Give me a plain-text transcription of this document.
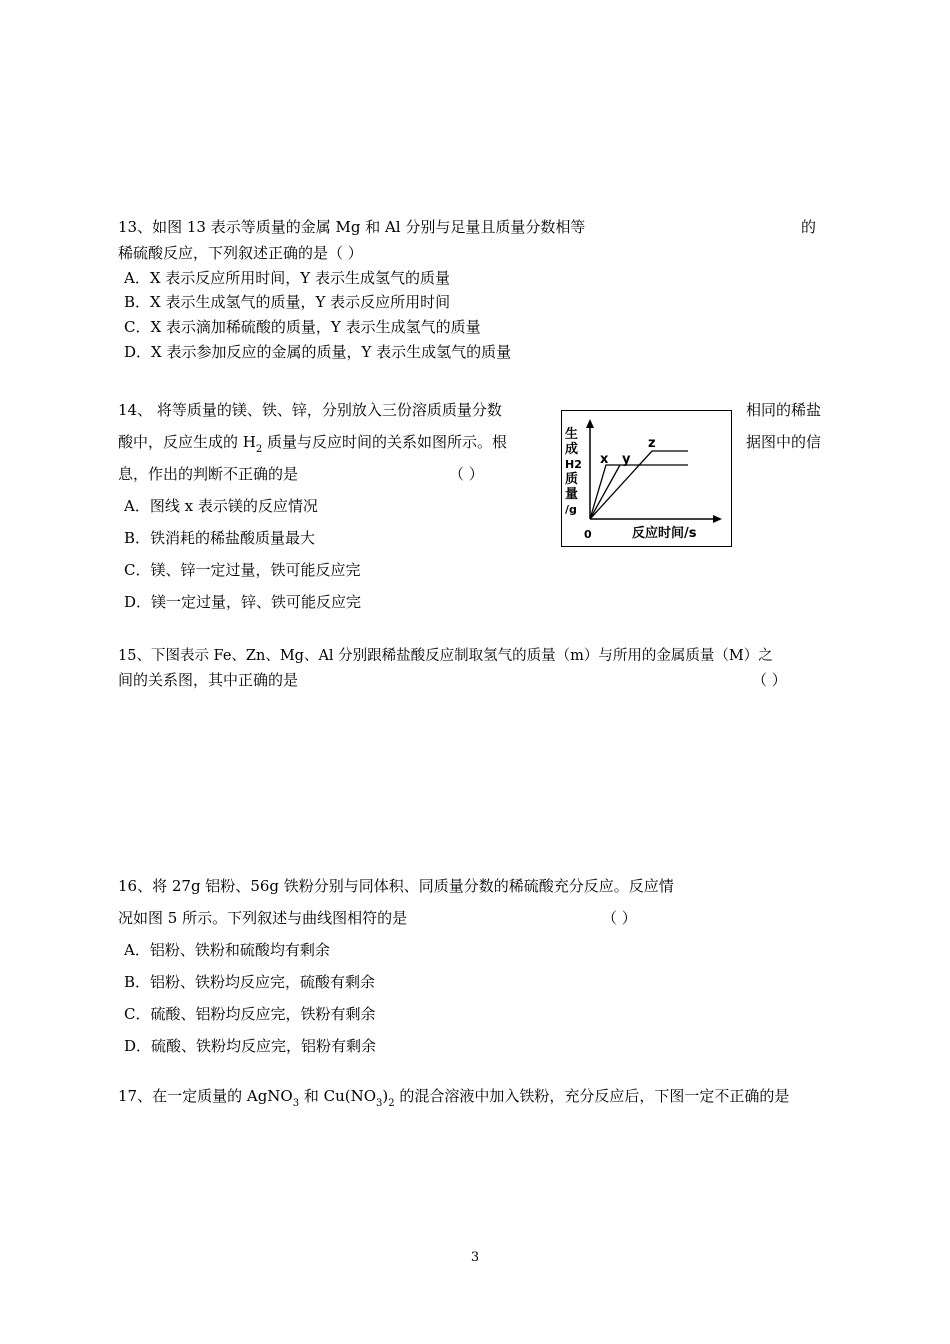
13、如图 13 表示等质量的金属 Mg 和 Al 分别与足量且质量分数相等	的
稀硫酸反应，下列叙述正确的是（ ）
A．X 表示反应所用时间，Y 表示生成氢气的质量
B．X 表示生成氢气的质量，Y 表示反应所用时间
C．X 表示滴加稀硫酸的质量，Y 表示生成氢气的质量
D．X 表示参加反应的金属的质量，Y 表示生成氢气的质量
14、 将等质量的镁、铁、锌，分别放入三份溶质质量分数	相同的稀盐
酸中，反应生成的 $H_2$ 质量与反应时间的关系如图所示。根	据图中的信
息，作出的判断不正确的是	（ ）
A．图线 x 表示镁的反应情况
B．铁消耗的稀盐酸质量最大
C．镁、锌一定过量，铁可能反应完
D．镁一定过量，锌、铁可能反应完
生
成
H2
质
量
/g
x y
z
0	反应时间/s
15、下图表示 Fe、Zn、Mg、Al 分别跟稀盐酸反应制取氢气的质量（m）与所用的金属质量（M）之
间的关系图，其中正确的是	（ ）
16、将 27g 铝粉、56g 铁粉分别与同体积、同质量分数的稀硫酸充分反应。反应情
况如图 5 所示。下列叙述与曲线图相符的是	（ ）
A．铝粉、铁粉和硫酸均有剩余
B．铝粉、铁粉均反应完，硫酸有剩余
C．硫酸、铝粉均反应完，铁粉有剩余
D．硫酸、铁粉均反应完，铝粉有剩余
17、在一定质量的 AgNO$_3$ 和 $Cu(NO_3)_2$ 的混合溶液中加入铁粉，充分反应后，下图一定不正确的是
3
